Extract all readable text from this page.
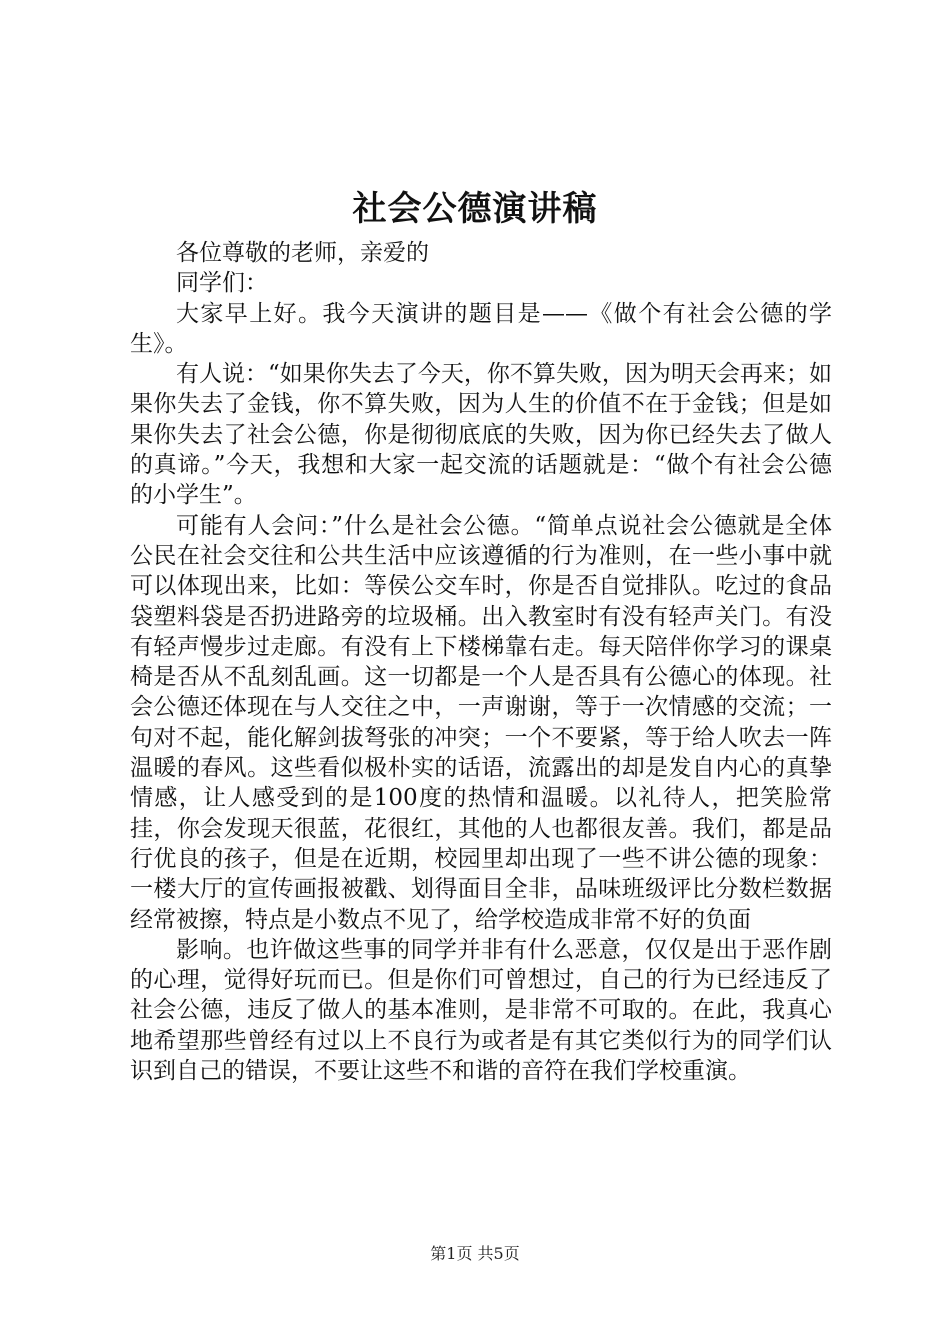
社会公德演讲稿

各位尊敬的老师，亲爱的

同学们：

大家早上好。我今天演讲的题目是——《做个有社会公德的学生》。

有人说：“如果你失去了今天，你不算失败，因为明天会再来；如果你失去了金钱，你不算失败，因为人生的价值不在于金钱；但是如果你失去了社会公德，你是彻彻底底的失败，因为你已经失去了做人的真谛。”今天，我想和大家一起交流的话题就是：“做个有社会公德的小学生”。

可能有人会问：”什么是社会公德。“简单点说社会公德就是全体公民在社会交往和公共生活中应该遵循的行为准则，在一些小事中就可以体现出来，比如：等侯公交车时，你是否自觉排队。吃过的食品袋塑料袋是否扔进路旁的垃圾桶。出入教室时有没有轻声关门。有没有轻声慢步过走廊。有没有上下楼梯靠右走。每天陪伴你学习的课桌椅是否从不乱刻乱画。这一切都是一个人是否具有公德心的体现。社会公德还体现在与人交往之中，一声谢谢，等于一次情感的交流；一句对不起，能化解剑拔弩张的冲突；一个不要紧，等于给人吹去一阵温暖的春风。这些看似极朴实的话语，流露出的却是发自内心的真挚情感，让人感受到的是100度的热情和温暖。以礼待人，把笑脸常挂，你会发现天很蓝，花很红，其他的人也都很友善。我们，都是品行优良的孩子，但是在近期，校园里却出现了一些不讲公德的现象：一楼大厅的宣传画报被戳、划得面目全非，品味班级评比分数栏数据经常被擦，特点是小数点不见了，给学校造成非常不好的负面

影响。也许做这些事的同学并非有什么恶意，仅仅是出于恶作剧的心理，觉得好玩而已。但是你们可曾想过，自己的行为已经违反了社会公德，违反了做人的基本准则，是非常不可取的。在此，我真心地希望那些曾经有过以上不良行为或者是有其它类似行为的同学们认识到自己的错误，不要让这些不和谐的音符在我们学校重演。

第1页 共5页
